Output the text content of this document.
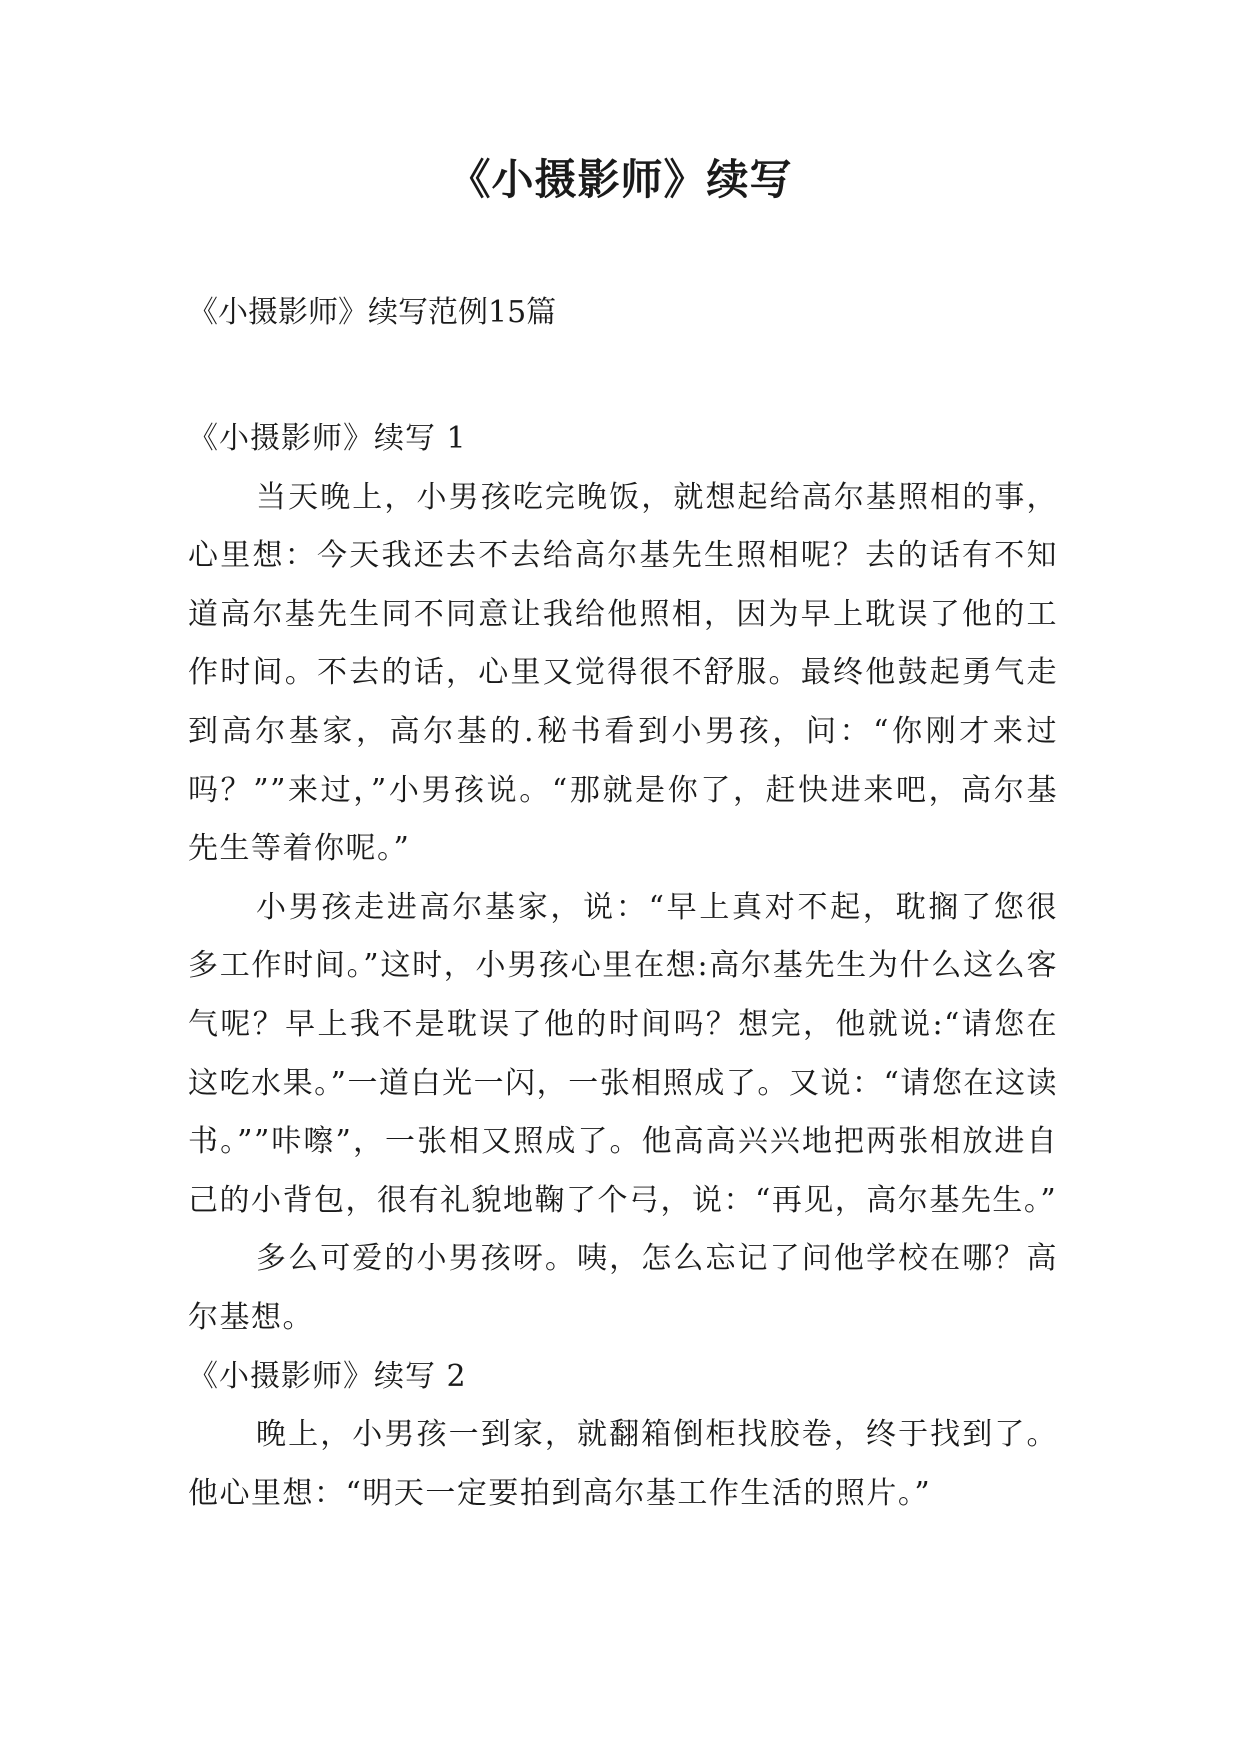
《小摄影师》续写

《小摄影师》续写范例15篇

《小摄影师》续写 1

当天晚上，小男孩吃完晚饭，就想起给高尔基照相的事，心里想：今天我还去不去给高尔基先生照相呢？去的话有不知道高尔基先生同不同意让我给他照相，因为早上耽误了他的工作时间。不去的话，心里又觉得很不舒服。最终他鼓起勇气走到高尔基家，高尔基的.秘书看到小男孩，问：“你刚才来过吗？””来过，”小男孩说。“那就是你了，赶快进来吧，高尔基先生等着你呢。”

小男孩走进高尔基家，说：“早上真对不起，耽搁了您很多工作时间。”这时，小男孩心里在想:高尔基先生为什么这么客气呢？早上我不是耽误了他的时间吗？想完，他就说:“请您在这吃水果。”一道白光一闪，一张相照成了。又说：“请您在这读书。””咔嚓”，一张相又照成了。他高高兴兴地把两张相放进自己的小背包，很有礼貌地鞠了个弓，说：“再见，高尔基先生。”

多么可爱的小男孩呀。咦，怎么忘记了问他学校在哪？高尔基想。

《小摄影师》续写 2

晚上，小男孩一到家，就翻箱倒柜找胶卷，终于找到了。他心里想：“明天一定要拍到高尔基工作生活的照片。”
